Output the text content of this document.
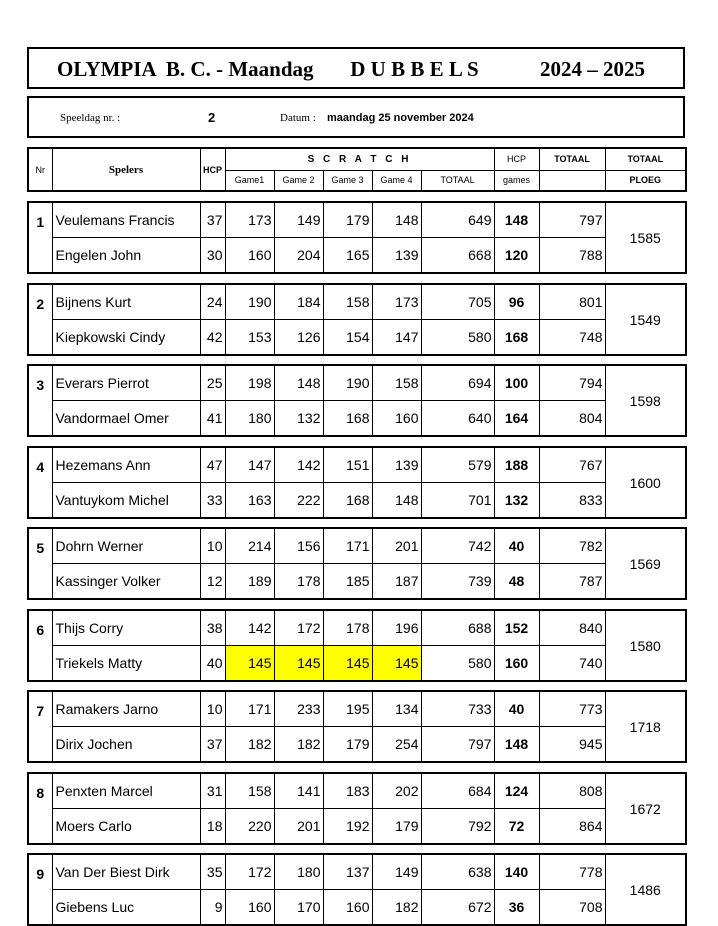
OLYMPIA  B. C. - Maandag       D U B B E L S	2024 – 2025
Speeldag nr. :	2	Datum : maandag 25 november 2024
Nr	Spelers	HCP	S C R A T C H					HCP	TOTAAL	TOTAAL
			Game1	Game 2	Game 3	Game 4	TOTAAL	games		PLOEG
1	Veulemans Francis	37	173	149	179	148	649	148	797	1585
	Engelen John	30	160	204	165	139	668	120	788	
2	Bijnens Kurt	24	190	184	158	173	705	96	801	1549
	Kiepkowski Cindy	42	153	126	154	147	580	168	748	
3	Everars Pierrot	25	198	148	190	158	694	100	794	1598
	Vandormael Omer	41	180	132	168	160	640	164	804	
4	Hezemans Ann	47	147	142	151	139	579	188	767	1600
	Vantuykom Michel	33	163	222	168	148	701	132	833	
5	Dohrn Werner	10	214	156	171	201	742	40	782	1569
	Kassinger Volker	12	189	178	185	187	739	48	787	
6	Thijs Corry	38	142	172	178	196	688	152	840	1580
	Triekels Matty	40	145	145	145	145	580	160	740	
7	Ramakers Jarno	10	171	233	195	134	733	40	773	1718
	Dirix Jochen	37	182	182	179	254	797	148	945	
8	Penxten Marcel	31	158	141	183	202	684	124	808	1672
	Moers Carlo	18	220	201	192	179	792	72	864	
9	Van Der Biest Dirk	35	172	180	137	149	638	140	778	1486
	Giebens Luc	9	160	170	160	182	672	36	708	
